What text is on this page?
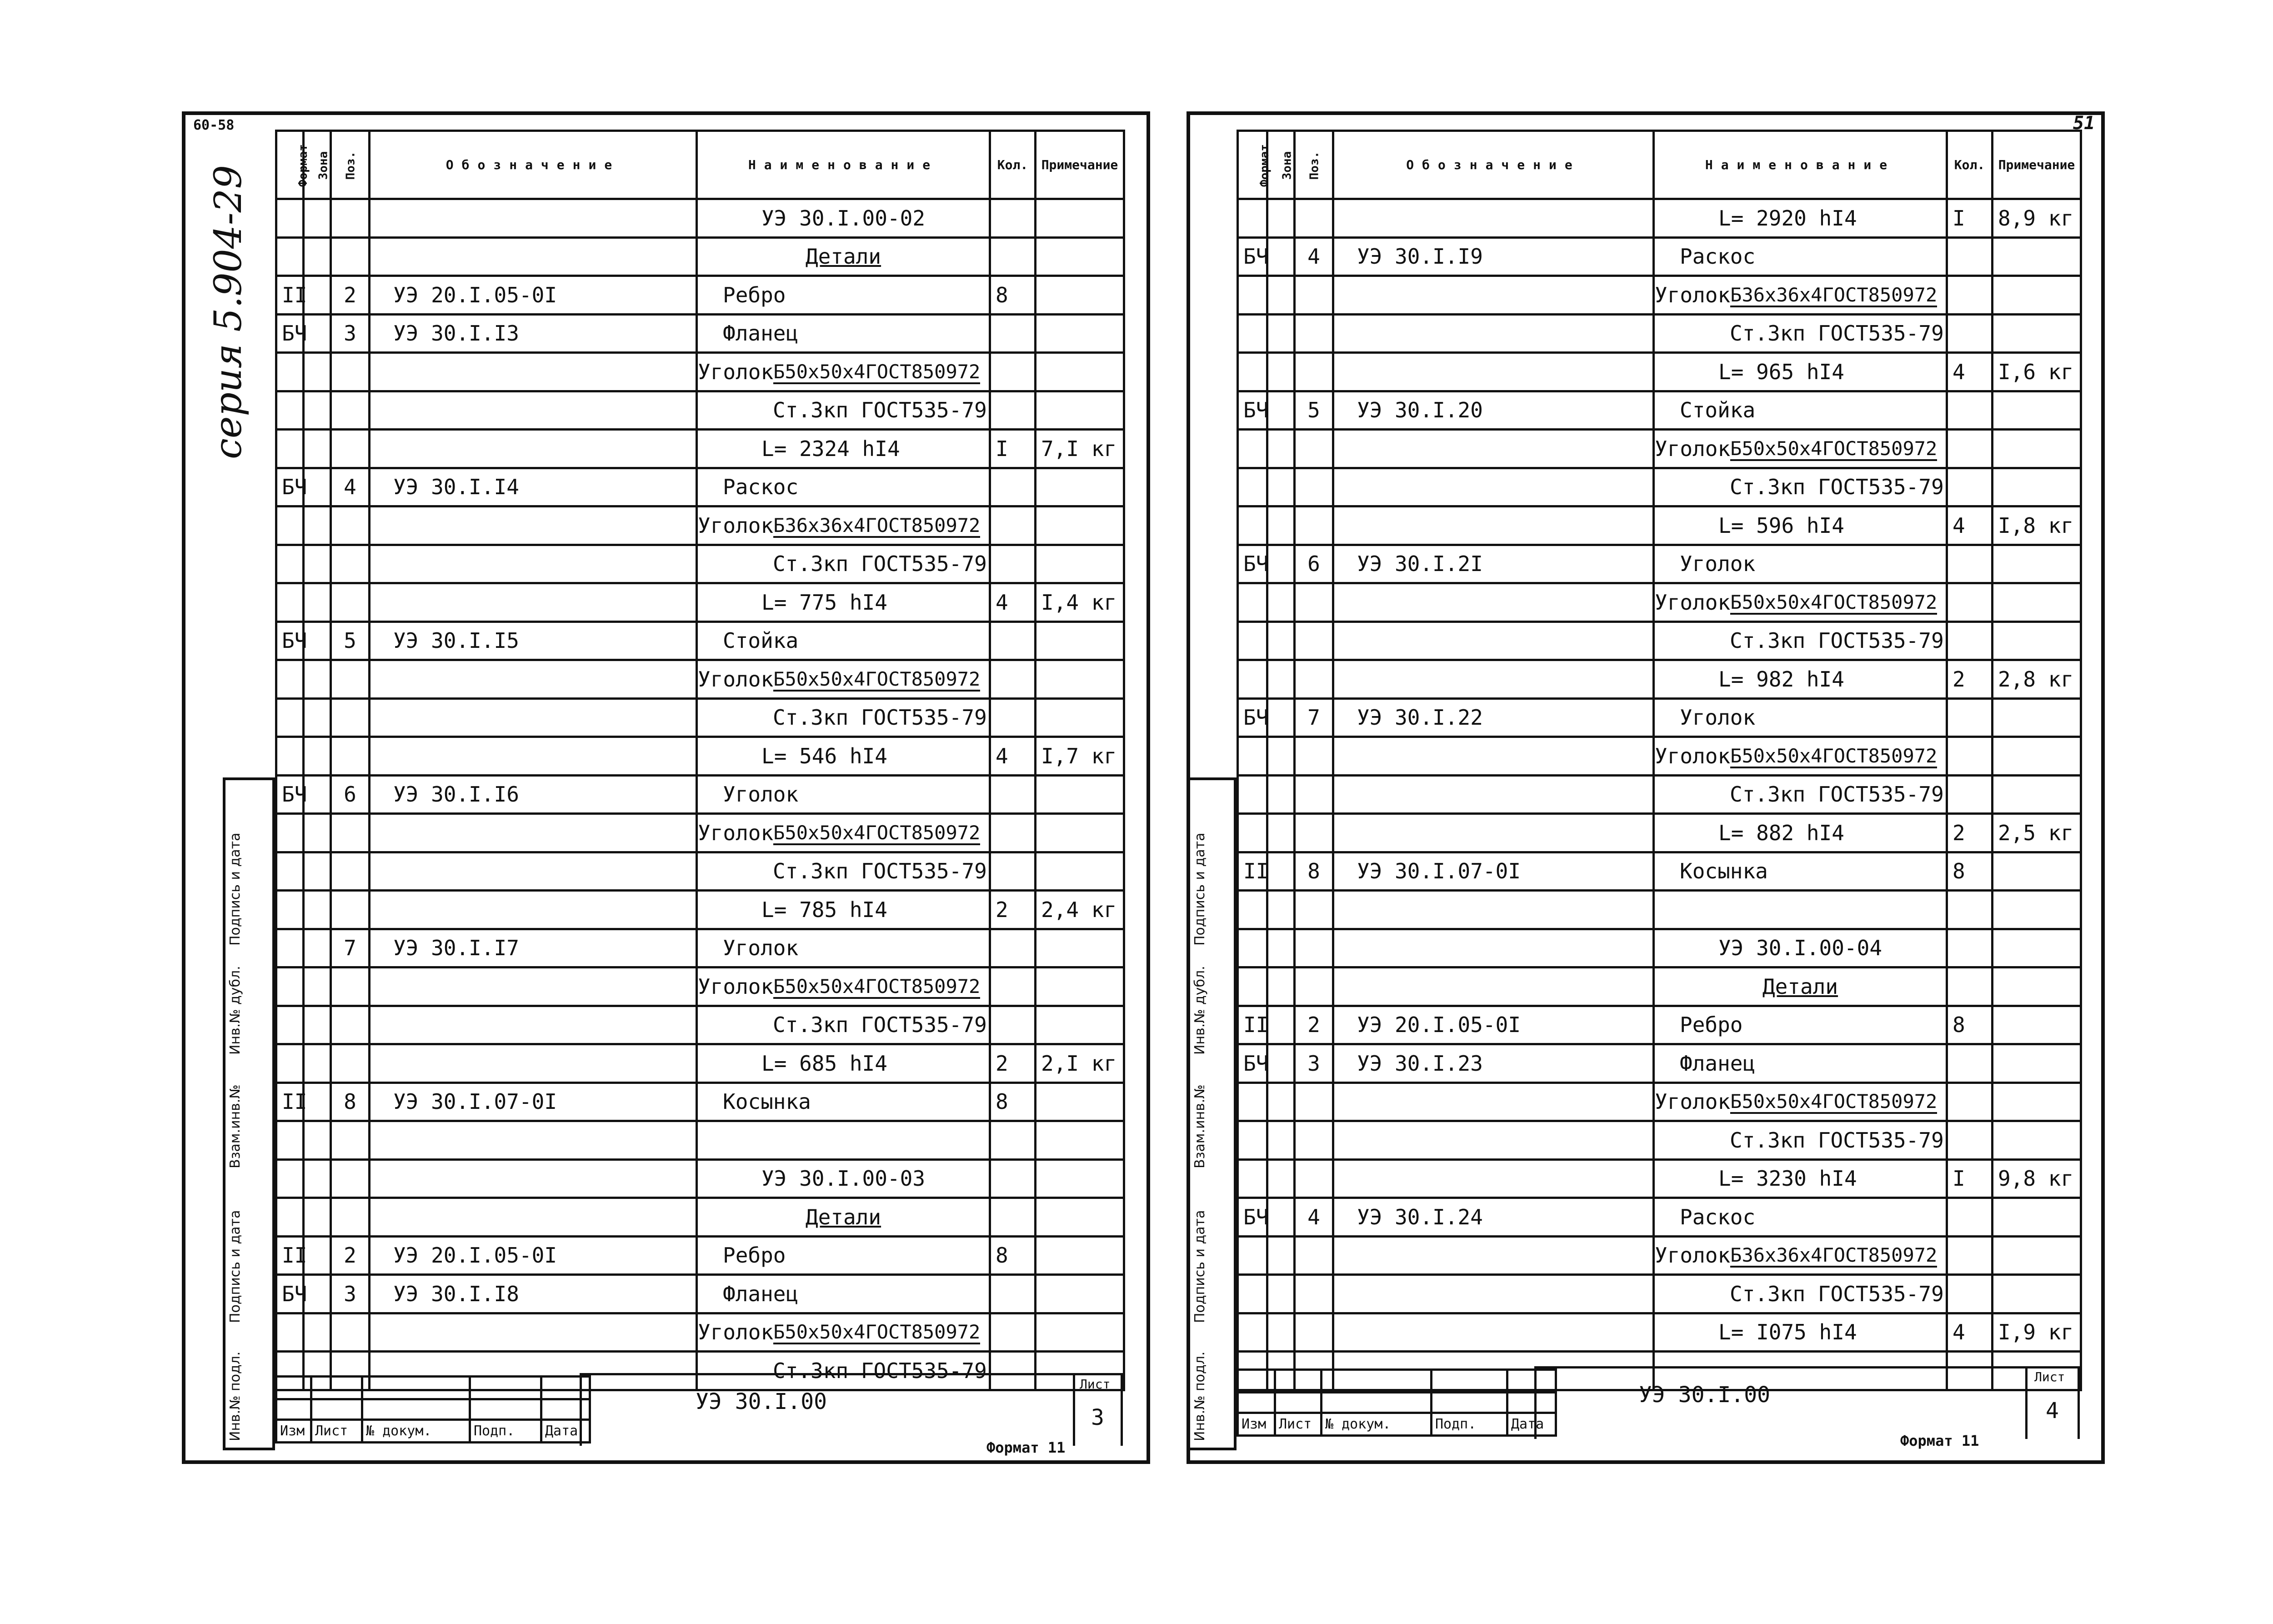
60-58	51
серия 5.904-29
Подпись и дата
Инв.№ дубл.
Взам.инв.№
Подпись и дата
Инв.№ подл.
Подпись и дата
Инв.№ дубл.
Взам.инв.№
Подпись и дата
Инв.№ подл.
Формат	Зона	Поз.	Обозначение	Наименование	Кол.	Примечание
				УЭ 30.I.00-02		
				Детали		
II		2	УЭ 20.I.05-0I	Ребро	8	
БЧ		3	УЭ 30.I.I3	Фланец		

				Уголок Б50х50х4ГОСТ850972		

				Ст.3кп ГОСТ535-79		
				L= 2324 hI4	I	7,I кг
БЧ		4	УЭ 30.I.I4	Раскос		

				Уголок Б36х36х4ГОСТ850972		

				Ст.3кп ГОСТ535-79		
				L= 775 hI4	4	I,4 кг
БЧ		5	УЭ 30.I.I5	Стойка		

				Уголок Б50х50х4ГОСТ850972		

				Ст.3кп ГОСТ535-79		
				L= 546 hI4	4	I,7 кг
БЧ		6	УЭ 30.I.I6	Уголок		

				Уголок Б50х50х4ГОСТ850972		

				Ст.3кп ГОСТ535-79		
				L= 785 hI4	2	2,4 кг
		7	УЭ 30.I.I7	Уголок		

				Уголок Б50х50х4ГОСТ850972		

				Ст.3кп ГОСТ535-79		
				L= 685 hI4	2	2,I кг
II		8	УЭ 30.I.07-0I	Косынка	8	

				УЭ 30.I.00-03		
				Детали		
II		2	УЭ 20.I.05-0I	Ребро	8	
БЧ		3	УЭ 30.I.I8	Фланец		

				Уголок Б50х50х4ГОСТ850972		

				Ст.3кп ГОСТ535-79		
Формат	Зона	Поз.	Обозначение	Наименование	Кол.	Примечание
				L= 2920 hI4	I	8,9 кг
БЧ		4	УЭ 30.I.I9	Раскос		

				Уголок Б36х36х4ГОСТ850972		

				Ст.3кп ГОСТ535-79		
				L= 965 hI4	4	I,6 кг
БЧ		5	УЭ 30.I.20	Стойка		

				Уголок Б50х50х4ГОСТ850972		

				Ст.3кп ГОСТ535-79		
				L= 596 hI4	4	I,8 кг
БЧ		6	УЭ 30.I.2I	Уголок		

				Уголок Б50х50х4ГОСТ850972		

				Ст.3кп ГОСТ535-79		
				L= 982 hI4	2	2,8 кг
БЧ		7	УЭ 30.I.22	Уголок		

				Уголок Б50х50х4ГОСТ850972		

				Ст.3кп ГОСТ535-79		
				L= 882 hI4	2	2,5 кг
II		8	УЭ 30.I.07-0I	Косынка	8	

				УЭ 30.I.00-04		
				Детали		
II		2	УЭ 20.I.05-0I	Ребро	8	
БЧ		3	УЭ 30.I.23	Фланец		

				Уголок Б50х50х4ГОСТ850972		

				Ст.3кп ГОСТ535-79		
				L= 3230 hI4	I	9,8 кг
БЧ		4	УЭ 30.I.24	Раскос		

				Уголок Б36х36х4ГОСТ850972		

				Ст.3кп ГОСТ535-79		
				L= I075 hI4	4	I,9 кг

Изм	Лист	№ докум.	Подп.	Дата
УЭ 30.I.00
Лист
3
Формат 11

Изм	Лист	№ докум.	Подп.	Дата
УЭ 30.I.00
Лист
4
Формат 11
